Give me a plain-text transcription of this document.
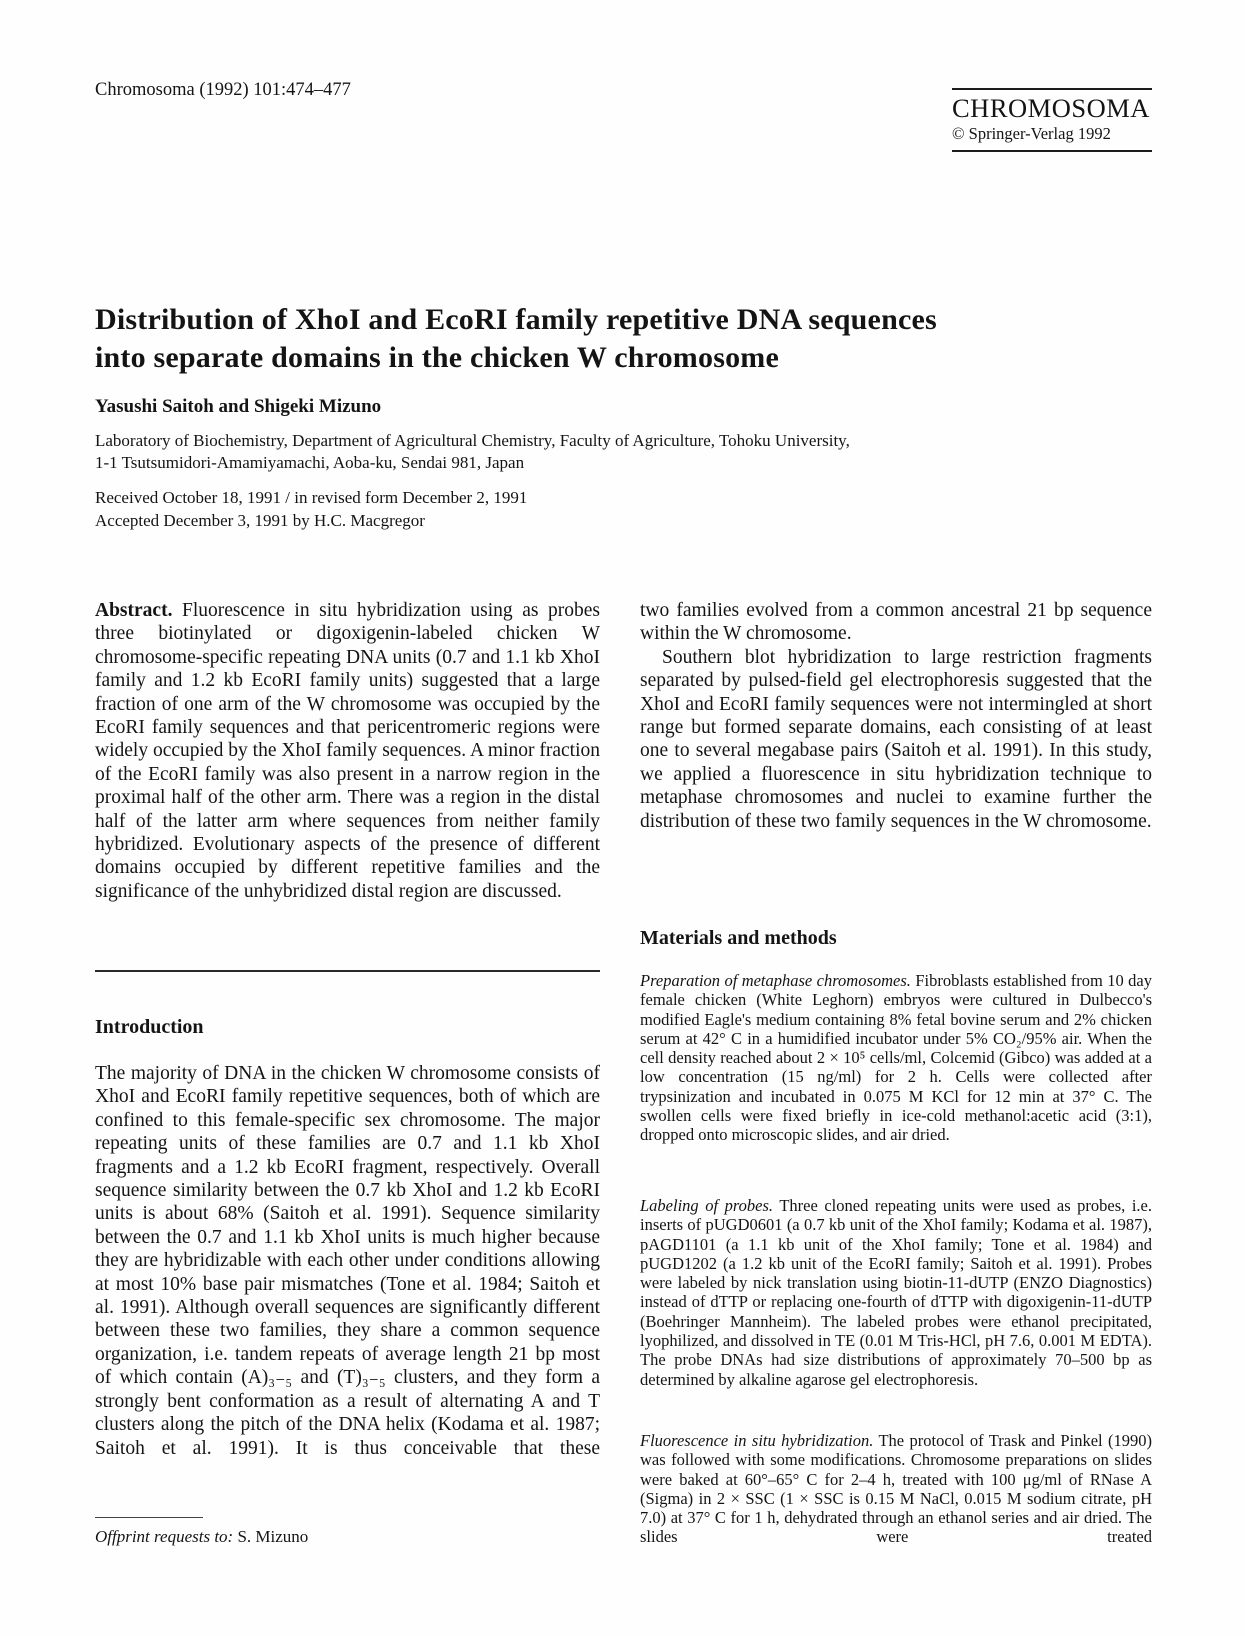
Chromosoma (1992) 101:474–477
CHROMOSOMA
© Springer-Verlag 1992
Distribution of XhoI and EcoRI family repetitive DNA sequences
into separate domains in the chicken W chromosome
Yasushi Saitoh and Shigeki Mizuno
Laboratory of Biochemistry, Department of Agricultural Chemistry, Faculty of Agriculture, Tohoku University,
1-1 Tsutsumidori-Amamiyamachi, Aoba-ku, Sendai 981, Japan
Received October 18, 1991 / in revised form December 2, 1991
Accepted December 3, 1991 by H.C. Macgregor

Abstract. Fluorescence in situ hybridization using as probes three biotinylated or digoxigenin-labeled chicken W chromosome-specific repeating DNA units (0.7 and 1.1 kb XhoI family and 1.2 kb EcoRI family units) suggested that a large fraction of one arm of the W chromosome was occupied by the EcoRI family sequences and that pericentromeric regions were widely occupied by the XhoI family sequences. A minor fraction of the EcoRI family was also present in a narrow region in the proximal half of the other arm. There was a region in the distal half of the latter arm where sequences from neither family hybridized. Evolutionary aspects of the presence of different domains occupied by different repetitive families and the significance of the unhybridized distal region are discussed.

Introduction

The majority of DNA in the chicken W chromosome consists of XhoI and EcoRI family repetitive sequences, both of which are confined to this female-specific sex chromosome. The major repeating units of these families are 0.7 and 1.1 kb XhoI fragments and a 1.2 kb EcoRI fragment, respectively. Overall sequence similarity between the 0.7 kb XhoI and 1.2 kb EcoRI units is about 68% (Saitoh et al. 1991). Sequence similarity between the 0.7 and 1.1 kb XhoI units is much higher because they are hybridizable with each other under conditions allowing at most 10% base pair mismatches (Tone et al. 1984; Saitoh et al. 1991). Although overall sequences are significantly different between these two families, they share a common sequence organization, i.e. tandem repeats of average length 21 bp most of which contain (A)₃₋₅ and (T)₃₋₅ clusters, and they form a strongly bent conformation as a result of alternating A and T clusters along the pitch of the DNA helix (Kodama et al. 1987; Saitoh et al. 1991). It is thus conceivable that these

Offprint requests to: S. Mizuno

two families evolved from a common ancestral 21 bp sequence within the W chromosome.

Southern blot hybridization to large restriction fragments separated by pulsed-field gel electrophoresis suggested that the XhoI and EcoRI family sequences were not intermingled at short range but formed separate domains, each consisting of at least one to several megabase pairs (Saitoh et al. 1991). In this study, we applied a fluorescence in situ hybridization technique to metaphase chromosomes and nuclei to examine further the distribution of these two family sequences in the W chromosome.

Materials and methods

Preparation of metaphase chromosomes. Fibroblasts established from 10 day female chicken (White Leghorn) embryos were cultured in Dulbecco's modified Eagle's medium containing 8% fetal bovine serum and 2% chicken serum at 42° C in a humidified incubator under 5% CO₂/95% air. When the cell density reached about 2 × 10⁵ cells/ml, Colcemid (Gibco) was added at a low concentration (15 ng/ml) for 2 h. Cells were collected after trypsinization and incubated in 0.075 M KCl for 12 min at 37° C. The swollen cells were fixed briefly in ice-cold methanol:acetic acid (3:1), dropped onto microscopic slides, and air dried.

Labeling of probes. Three cloned repeating units were used as probes, i.e. inserts of pUGD0601 (a 0.7 kb unit of the XhoI family; Kodama et al. 1987), pAGD1101 (a 1.1 kb unit of the XhoI family; Tone et al. 1984) and pUGD1202 (a 1.2 kb unit of the EcoRI family; Saitoh et al. 1991). Probes were labeled by nick translation using biotin-11-dUTP (ENZO Diagnostics) instead of dTTP or replacing one-fourth of dTTP with digoxigenin-11-dUTP (Boehringer Mannheim). The labeled probes were ethanol precipitated, lyophilized, and dissolved in TE (0.01 M Tris-HCl, pH 7.6, 0.001 M EDTA). The probe DNAs had size distributions of approximately 70–500 bp as determined by alkaline agarose gel electrophoresis.

Fluorescence in situ hybridization. The protocol of Trask and Pinkel (1990) was followed with some modifications. Chromosome preparations on slides were baked at 60°–65° C for 2–4 h, treated with 100 μg/ml of RNase A (Sigma) in 2 × SSC (1 × SSC is 0.15 M NaCl, 0.015 M sodium citrate, pH 7.0) at 37° C for 1 h, dehydrated through an ethanol series and air dried. The slides were treated
